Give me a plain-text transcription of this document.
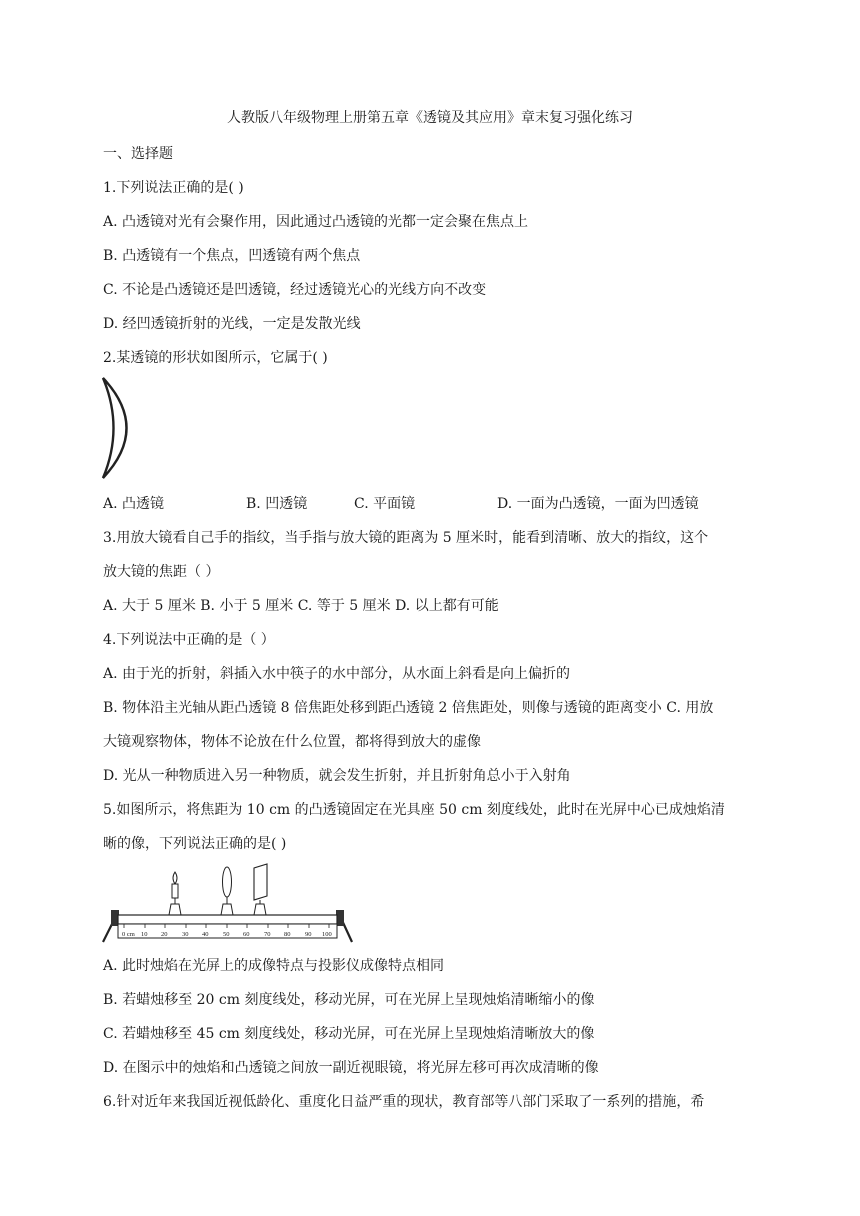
人教版八年级物理上册第五章《透镜及其应用》章末复习强化练习
一、选择题
1.下列说法正确的是( )
A. 凸透镜对光有会聚作用，因此通过凸透镜的光都一定会聚在焦点上
B. 凸透镜有一个焦点，凹透镜有两个焦点
C. 不论是凸透镜还是凹透镜，经过透镜光心的光线方向不改变
D. 经凹透镜折射的光线，一定是发散光线
2.某透镜的形状如图所示，它属于( )
A. 凸透镜	B. 凹透镜	C. 平面镜	D. 一面为凸透镜，一面为凹透镜
3.用放大镜看自己手的指纹，当手指与放大镜的距离为 5 厘米时，能看到清晰、放大的指纹，这个
放大镜的焦距（ ）
A. 大于 5 厘米 B. 小于 5 厘米 C. 等于 5 厘米 D. 以上都有可能
4.下列说法中正确的是（ ）
A. 由于光的折射，斜插入水中筷子的水中部分，从水面上斜看是向上偏折的
B. 物体沿主光轴从距凸透镜 8 倍焦距处移到距凸透镜 2 倍焦距处，则像与透镜的距离变小 C. 用放
大镜观察物体，物体不论放在什么位置，都将得到放大的虚像
D. 光从一种物质进入另一种物质，就会发生折射，并且折射角总小于入射角
5.如图所示，将焦距为 10 cm 的凸透镜固定在光具座 50 cm 刻度线处，此时在光屏中心已成烛焰清
晰的像，下列说法正确的是( )
0 cm 10 20 30 40 50 60 70 80 90 100
A. 此时烛焰在光屏上的成像特点与投影仪成像特点相同
B. 若蜡烛移至 20 cm 刻度线处，移动光屏，可在光屏上呈现烛焰清晰缩小的像
C. 若蜡烛移至 45 cm 刻度线处，移动光屏，可在光屏上呈现烛焰清晰放大的像
D. 在图示中的烛焰和凸透镜之间放一副近视眼镜，将光屏左移可再次成清晰的像
6.针对近年来我国近视低龄化、重度化日益严重的现状，教育部等八部门采取了一系列的措施，希
